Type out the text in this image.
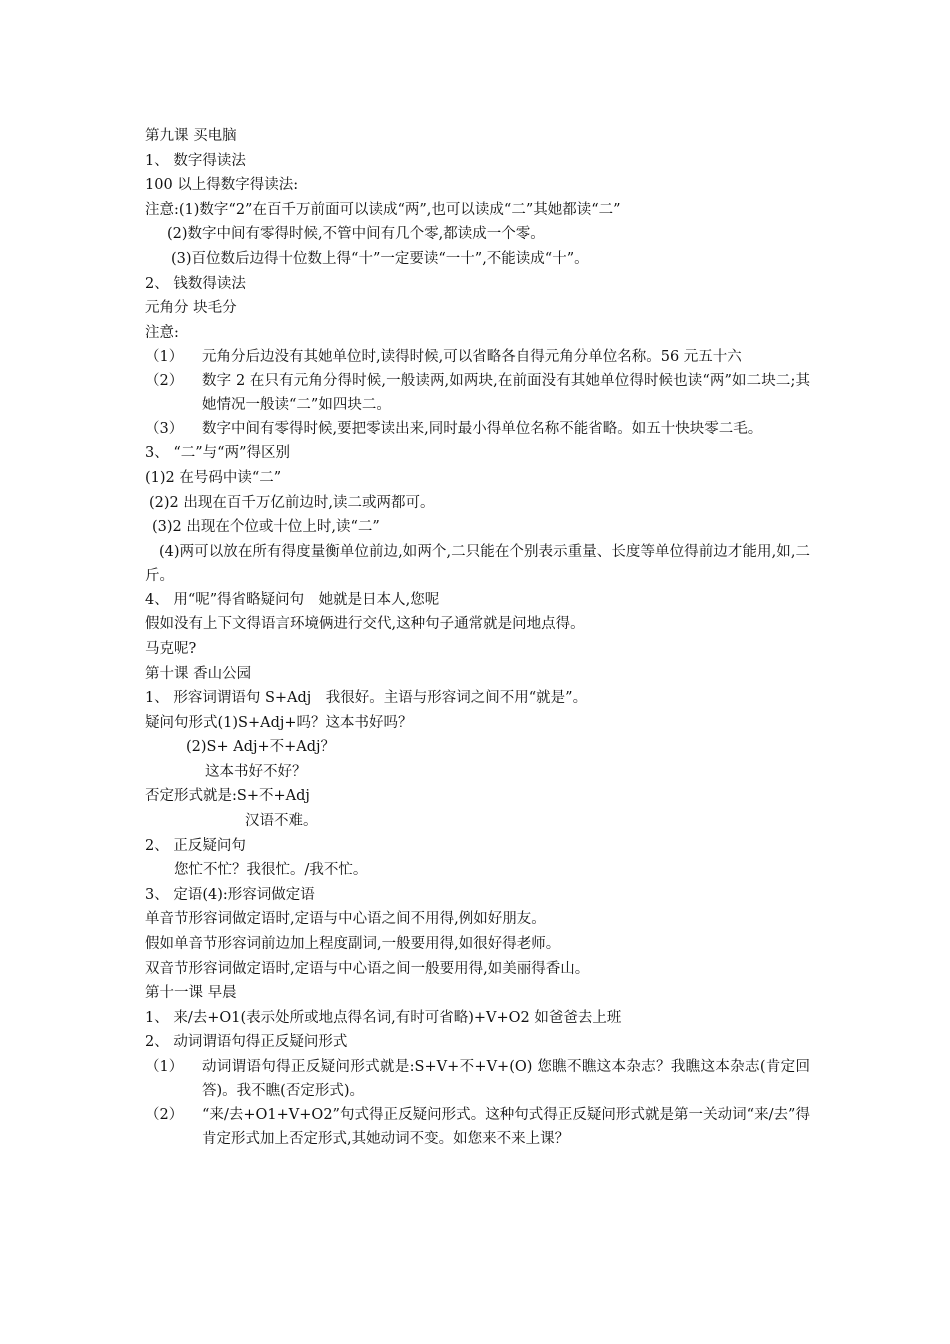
第九课 买电脑
1、 数字得读法
100 以上得数字得读法:
注意:(1)数字“2”在百千万前面可以读成“两”,也可以读成“二”其她都读“二”
(2)数字中间有零得时候,不管中间有几个零,都读成一个零。
(3)百位数后边得十位数上得“十”一定要读“一十”,不能读成“十”。
2、 钱数得读法
元角分 块毛分
注意:
（1）	元角分后边没有其她单位时,读得时候,可以省略各自得元角分单位名称。56 元五十六
（2）	数字 2 在只有元角分得时候,一般读两,如两块,在前面没有其她单位得时候也读“两”如二块二;其她情况一般读“二”如四块二。
（3）	数字中间有零得时候,要把零读出来,同时最小得单位名称不能省略。如五十快块零二毛。
3、 “二”与“两”得区别
(1)2 在号码中读“二”
(2)2 出现在百千万亿前边时,读二或两都可。
(3)2 出现在个位或十位上时,读“二”
(4)两可以放在所有得度量衡单位前边,如两个,二只能在个别表示重量、长度等单位得前边才能用,如,二斤。
4、 用“呢”得省略疑问句　她就是日本人,您呢
假如没有上下文得语言环境俩进行交代,这种句子通常就是问地点得。
马克呢?
第十课 香山公园
1、 形容词谓语句 S+Adj　我很好。主语与形容词之间不用“就是”。
疑问句形式(1)S+Adj+吗？这本书好吗？
(2)S+ Adj+不+Adj？
这本书好不好？
否定形式就是:S+不+Adj
汉语不难。
2、 正反疑问句
您忙不忙？我很忙。/我不忙。
3、 定语(4):形容词做定语
单音节形容词做定语时,定语与中心语之间不用得,例如好朋友。
假如单音节形容词前边加上程度副词,一般要用得,如很好得老师。
双音节形容词做定语时,定语与中心语之间一般要用得,如美丽得香山。
第十一课 早晨
1、 来/去+O1(表示处所或地点得名词,有时可省略)+V+O2 如爸爸去上班
2、 动词谓语句得正反疑问形式
（1）	动词谓语句得正反疑问形式就是:S+V+不+V+(O) 您瞧不瞧这本杂志？我瞧这本杂志(肯定回答)。我不瞧(否定形式)。
（2）	“来/去+O1+V+O2”句式得正反疑问形式。这种句式得正反疑问形式就是第一关动词“来/去”得肯定形式加上否定形式,其她动词不变。如您来不来上课？
